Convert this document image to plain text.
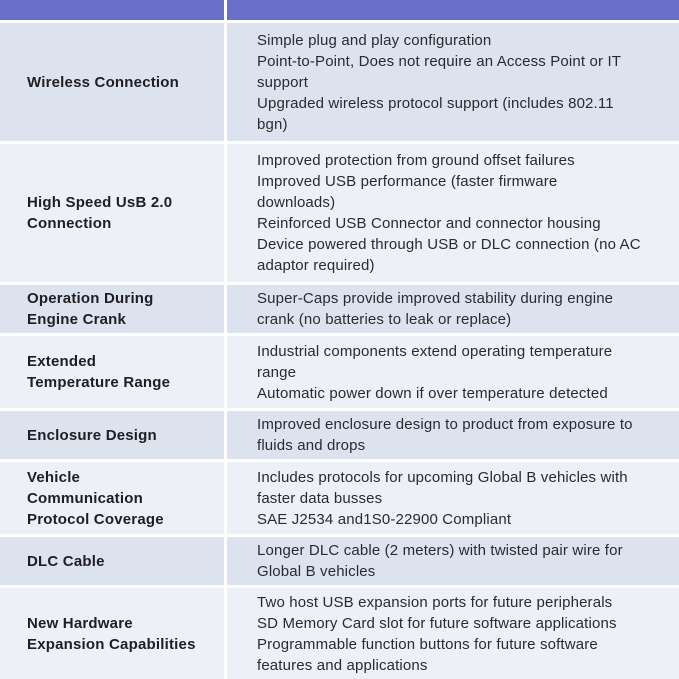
Wireless Connection
Simple plug and play configuration
Point-to-Point, Does not require an Access Point or IT
support
Upgraded wireless protocol support (includes 802.11
bgn)
High Speed UsB 2.0
Connection
Improved protection from ground offset failures
Improved USB performance (faster firmware
downloads)
Reinforced USB Connector and connector housing
Device powered through USB or DLC connection (no AC
adaptor required)
Operation During
Engine Crank
Super-Caps provide improved stability during engine
crank (no batteries to leak or replace)
Extended
Temperature Range
Industrial components extend operating temperature
range
Automatic power down if over temperature detected
Enclosure Design
Improved enclosure design to product from exposure to
fluids and drops
Vehicle
Communication
Protocol Coverage
Includes protocols for upcoming Global B vehicles with
faster data busses
SAE J2534 and1S0-22900 Compliant
DLC Cable
Longer DLC cable (2 meters) with twisted pair wire for
Global B vehicles
New Hardware
Expansion Capabilities
Two host USB expansion ports for future peripherals
SD Memory Card slot for future software applications
Programmable function buttons for future software
features and applications
